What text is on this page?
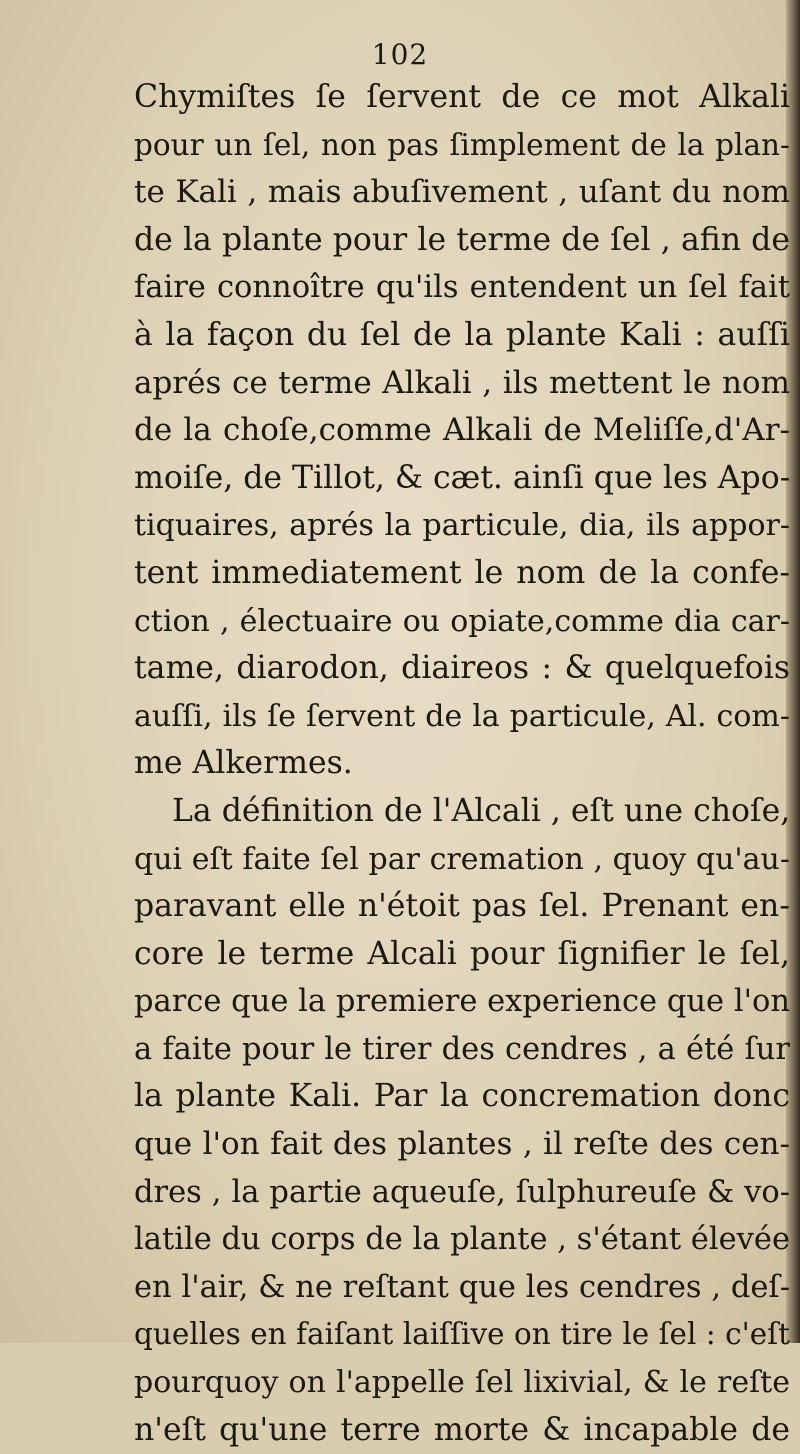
102
Chymiſtes ſe ſervent de ce mot Alkali
pour un ſel, non pas ſimplement de la plan-
te Kali , mais abuſivement , uſant du nom
de la plante pour le terme de ſel , afin de
faire connoître qu'ils entendent un ſel fait
à la façon du ſel de la plante Kali : auſſi
aprés ce terme Alkali , ils mettent le nom
de la choſe,comme Alkali de Meliſſe,d'Ar-
moiſe, de Tillot, & cæt. ainſi que les Apo-
tiquaires, aprés la particule, dia, ils appor-
tent immediatement le nom de la confe-
ction , électuaire ou opiate,comme dia car-
tame, diarodon, diaireos : & quelquefois
auſſi, ils ſe ſervent de la particule, Al. com-
me Alkermes.
La définition de l'Alcali , eſt une choſe,
qui eſt faite ſel par cremation , quoy qu'au-
paravant elle n'étoit pas ſel. Prenant en-
core le terme Alcali pour ſignifier le ſel,
parce que la premiere experience que l'on
a faite pour le tirer des cendres , a été ſur
la plante Kali. Par la concremation donc
que l'on fait des plantes , il reſte des cen-
dres , la partie aqueuſe, ſulphureuſe & vo-
latile du corps de la plante , s'étant élevée
en l'air, & ne reſtant que les cendres , deſ-
quelles en faiſant laiſſive on tire le ſel : c'eſt
pourquoy on l'appelle ſel lixivial, & le reſte
n'eſt qu'une terre morte & incapable de
